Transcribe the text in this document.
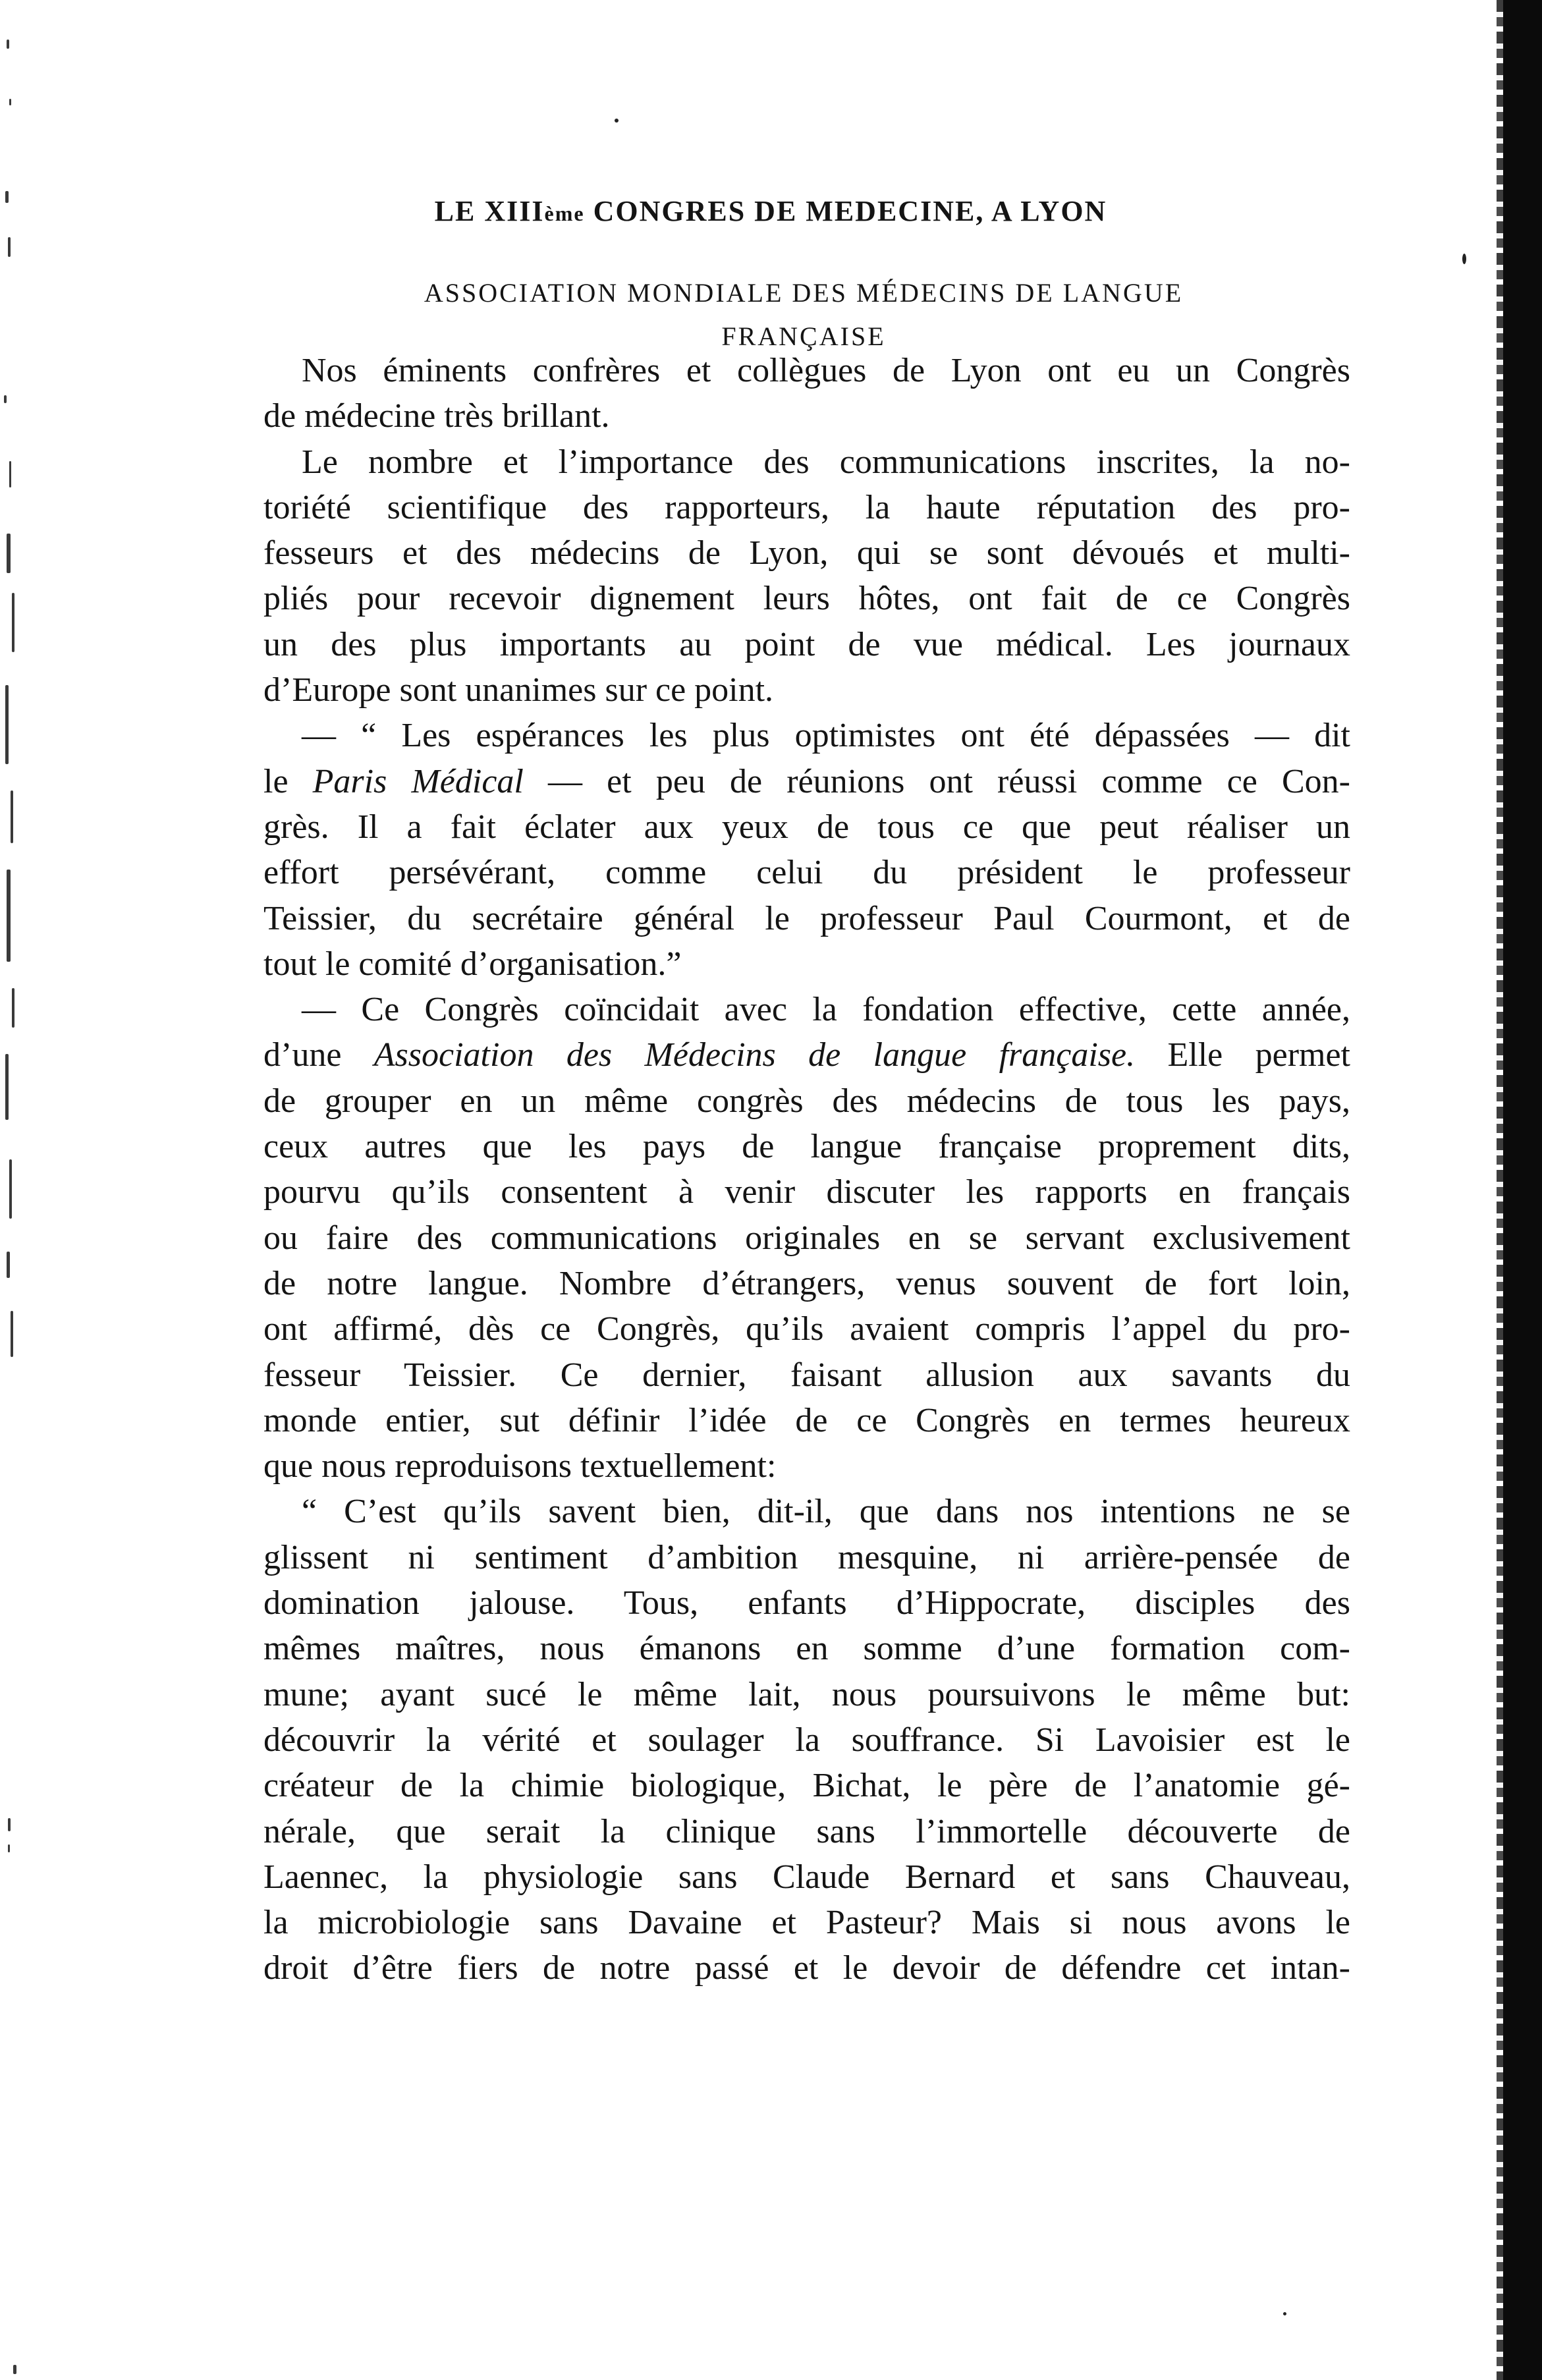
LE XIIIème CONGRES DE MEDECINE, A LYON
ASSOCIATION MONDIALE DES MÉDECINS DE LANGUE
FRANÇAISE
Nos éminents confrères et collègues de Lyon ont eu un Congrès
de médecine très brillant.
Le nombre et l’importance des communications inscrites, la no-
toriété scientifique des rapporteurs, la haute réputation des pro-
fesseurs et des médecins de Lyon, qui se sont dévoués et multi-
pliés pour recevoir dignement leurs hôtes, ont fait de ce Congrès
un des plus importants au point de vue médical. Les journaux
d’Europe sont unanimes sur ce point.
— “ Les espérances les plus optimistes ont été dépassées — dit
le Paris Médical — et peu de réunions ont réussi comme ce Con-
grès. Il a fait éclater aux yeux de tous ce que peut réaliser un
effort persévérant, comme celui du président le professeur
Teissier, du secrétaire général le professeur Paul Courmont, et de
tout le comité d’organisation.”
— Ce Congrès coïncidait avec la fondation effective, cette année,
d’une Association des Médecins de langue française. Elle permet
de grouper en un même congrès des médecins de tous les pays,
ceux autres que les pays de langue française proprement dits,
pourvu qu’ils consentent à venir discuter les rapports en français
ou faire des communications originales en se servant exclusivement
de notre langue. Nombre d’étrangers, venus souvent de fort loin,
ont affirmé, dès ce Congrès, qu’ils avaient compris l’appel du pro-
fesseur Teissier. Ce dernier, faisant allusion aux savants du
monde entier, sut définir l’idée de ce Congrès en termes heureux
que nous reproduisons textuellement:
“ C’est qu’ils savent bien, dit-il, que dans nos intentions ne se
glissent ni sentiment d’ambition mesquine, ni arrière-pensée de
domination jalouse. Tous, enfants d’Hippocrate, disciples des
mêmes maîtres, nous émanons en somme d’une formation com-
mune; ayant sucé le même lait, nous poursuivons le même but:
découvrir la vérité et soulager la souffrance. Si Lavoisier est le
créateur de la chimie biologique, Bichat, le père de l’anatomie gé-
nérale, que serait la clinique sans l’immortelle découverte de
Laennec, la physiologie sans Claude Bernard et sans Chauveau,
la microbiologie sans Davaine et Pasteur? Mais si nous avons le
droit d’être fiers de notre passé et le devoir de défendre cet intan-
